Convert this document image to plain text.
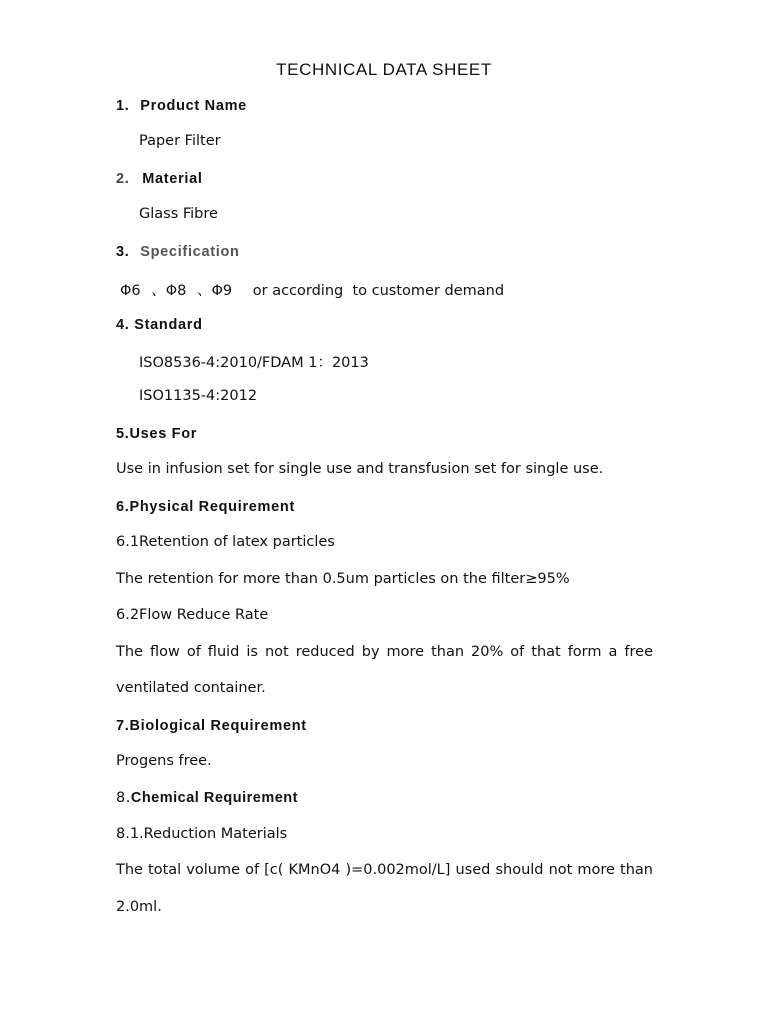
TECHNICAL DATA SHEET
1. Product Name
Paper Filter
2. Material
Glass Fibre
3. Specification
Φ6 、Φ8 、Φ9 or according  to customer demand
4. Standard
ISO8536-4:2010/FDAM 1：2013
ISO1135-4:2012
5.Uses For
Use in infusion set for single use and transfusion set for single use.
6.Physical Requirement
6.1Retention of latex particles
The retention for more than 0.5um particles on the filter≥95%
6.2Flow Reduce Rate
The flow of fluid is not reduced by more than 20% of that form a free
ventilated container.
7.Biological Requirement
Progens free.
8.Chemical Requirement
8.1.Reduction Materials
The total volume of [c( KMnO4 )=0.002mol/L] used should not more than
2.0ml.
